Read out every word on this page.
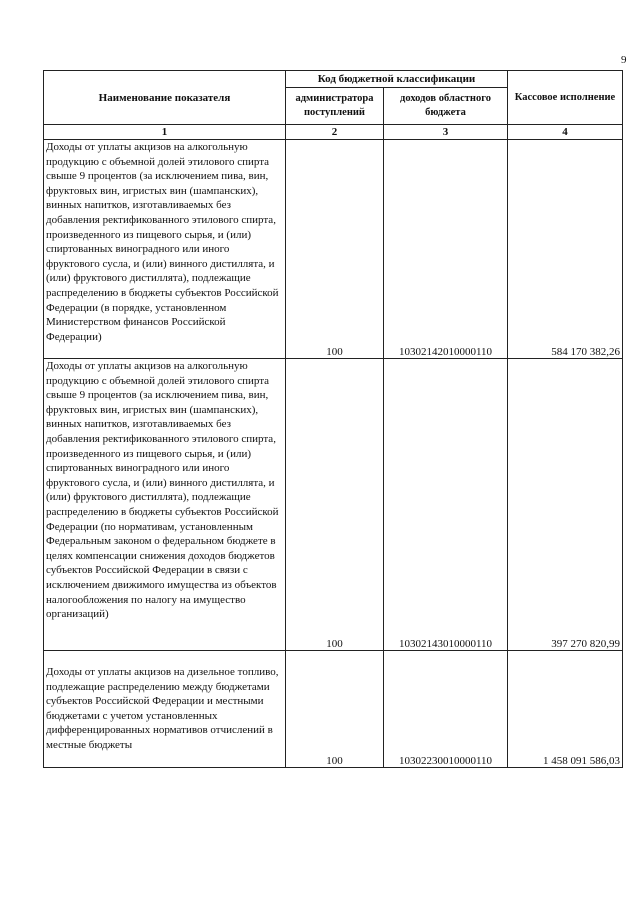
9
Наименование показателя	Код бюджетной классификации		Кассовое исполнение
	администратора поступлений	доходов областного бюджета	
1	2	3	4
Доходы от уплаты акцизов на алкогольную продукцию с объемной долей этилового спирта свыше 9 процентов (за исключением пива, вин, фруктовых вин, игристых вин (шампанских), винных напитков, изготавливаемых без добавления ректификованного этилового спирта, произведенного из пищевого сырья, и (или) спиртованных виноградного или иного фруктового сусла, и (или) винного дистиллята, и (или) фруктового дистиллята), подлежащие распределению в бюджеты субъектов Российской Федерации (в порядке, установленном Министерством финансов Российской Федерации)	100	10302142010000110	584 170 382,26
Доходы от уплаты акцизов на алкогольную продукцию с объемной долей этилового спирта свыше 9 процентов (за исключением пива, вин, фруктовых вин, игристых вин (шампанских), винных напитков, изготавливаемых без добавления ректификованного этилового спирта, произведенного из пищевого сырья, и (или) спиртованных виноградного или иного фруктового сусла, и (или) винного дистиллята, и (или) фруктового дистиллята), подлежащие распределению в бюджеты субъектов Российской Федерации (по нормативам, установленным Федеральным законом о федеральном бюджете в целях компенсации снижения доходов бюджетов субъектов Российской Федерации в связи с исключением движимого имущества из объектов налогообложения по налогу на имущество организаций)	100	10302143010000110	397 270 820,99
Доходы от уплаты акцизов на дизельное топливо, подлежащие распределению между бюджетами субъектов Российской Федерации и местными бюджетами с учетом установленных дифференцированных нормативов отчислений в местные бюджеты	100	10302230010000110	1 458 091 586,03
